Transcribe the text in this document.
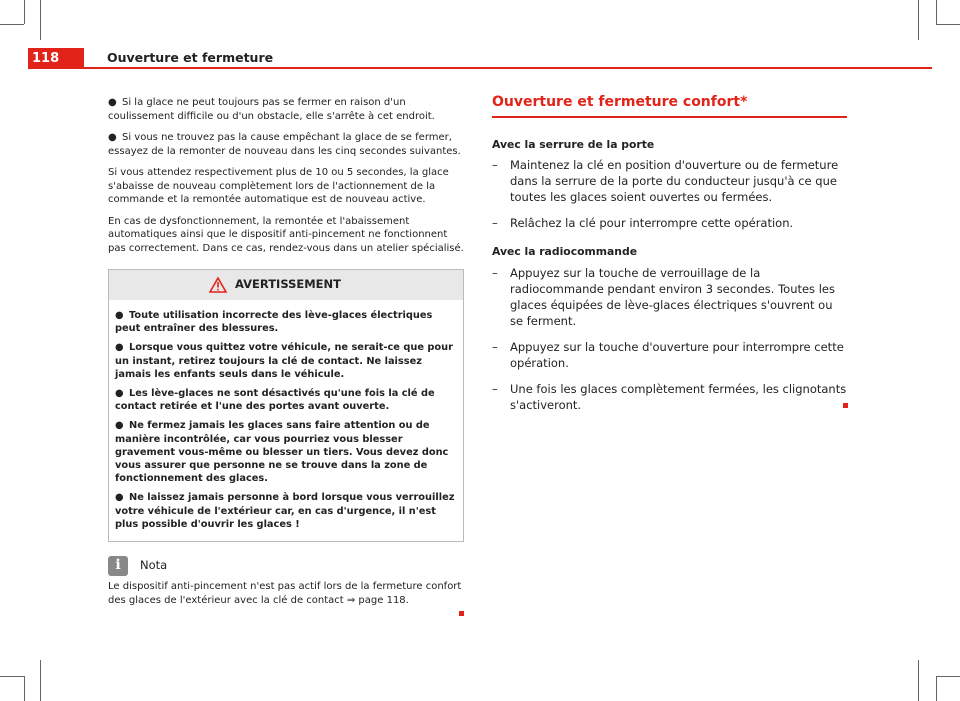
118	Ouverture et fermeture

● Si la glace ne peut toujours pas se fermer en raison d'un coulissement difficile ou d'un obstacle, elle s'arrête à cet endroit.

● Si vous ne trouvez pas la cause empêchant la glace de se fermer, essayez de la remonter de nouveau dans les cinq secondes suivantes.

Si vous attendez respectivement plus de 10 ou 5 secondes, la glace s'abaisse de nouveau complètement lors de l'actionnement de la commande et la remontée automatique est de nouveau active.

En cas de dysfonctionnement, la remontée et l'abaissement automatiques ainsi que le dispositif anti-pincement ne fonctionnent pas correctement. Dans ce cas, rendez-vous dans un atelier spécialisé.

AVERTISSEMENT

● Toute utilisation incorrecte des lève-glaces électriques peut entraîner des blessures.

● Lorsque vous quittez votre véhicule, ne serait-ce que pour un instant, retirez toujours la clé de contact. Ne laissez jamais les enfants seuls dans le véhicule.

● Les lève-glaces ne sont désactivés qu'une fois la clé de contact retirée et l'une des portes avant ouverte.

● Ne fermez jamais les glaces sans faire attention ou de manière incontrôlée, car vous pourriez vous blesser gravement vous-même ou blesser un tiers. Vous devez donc vous assurer que personne ne se trouve dans la zone de fonctionnement des glaces.

● Ne laissez jamais personne à bord lorsque vous verrouillez votre véhicule de l'extérieur car, en cas d'urgence, il n'est plus possible d'ouvrir les glaces !

i	Nota

Le dispositif anti-pincement n'est pas actif lors de la fermeture confort des glaces de l'extérieur avec la clé de contact ⇒ page 118.

Ouverture et fermeture confort*
Avec la serrure de la porte
–	Maintenez la clé en position d'ouverture ou de fermeture dans la serrure de la porte du conducteur jusqu'à ce que toutes les glaces soient ouvertes ou fermées.
–	Relâchez la clé pour interrompre cette opération.
Avec la radiocommande
–	Appuyez sur la touche de verrouillage de la radiocommande pendant environ 3 secondes. Toutes les glaces équipées de lève-glaces électriques s'ouvrent ou se ferment.
–	Appuyez sur la touche d'ouverture pour interrompre cette opération.
–	Une fois les glaces complètement fermées, les clignotants s'activeront.
